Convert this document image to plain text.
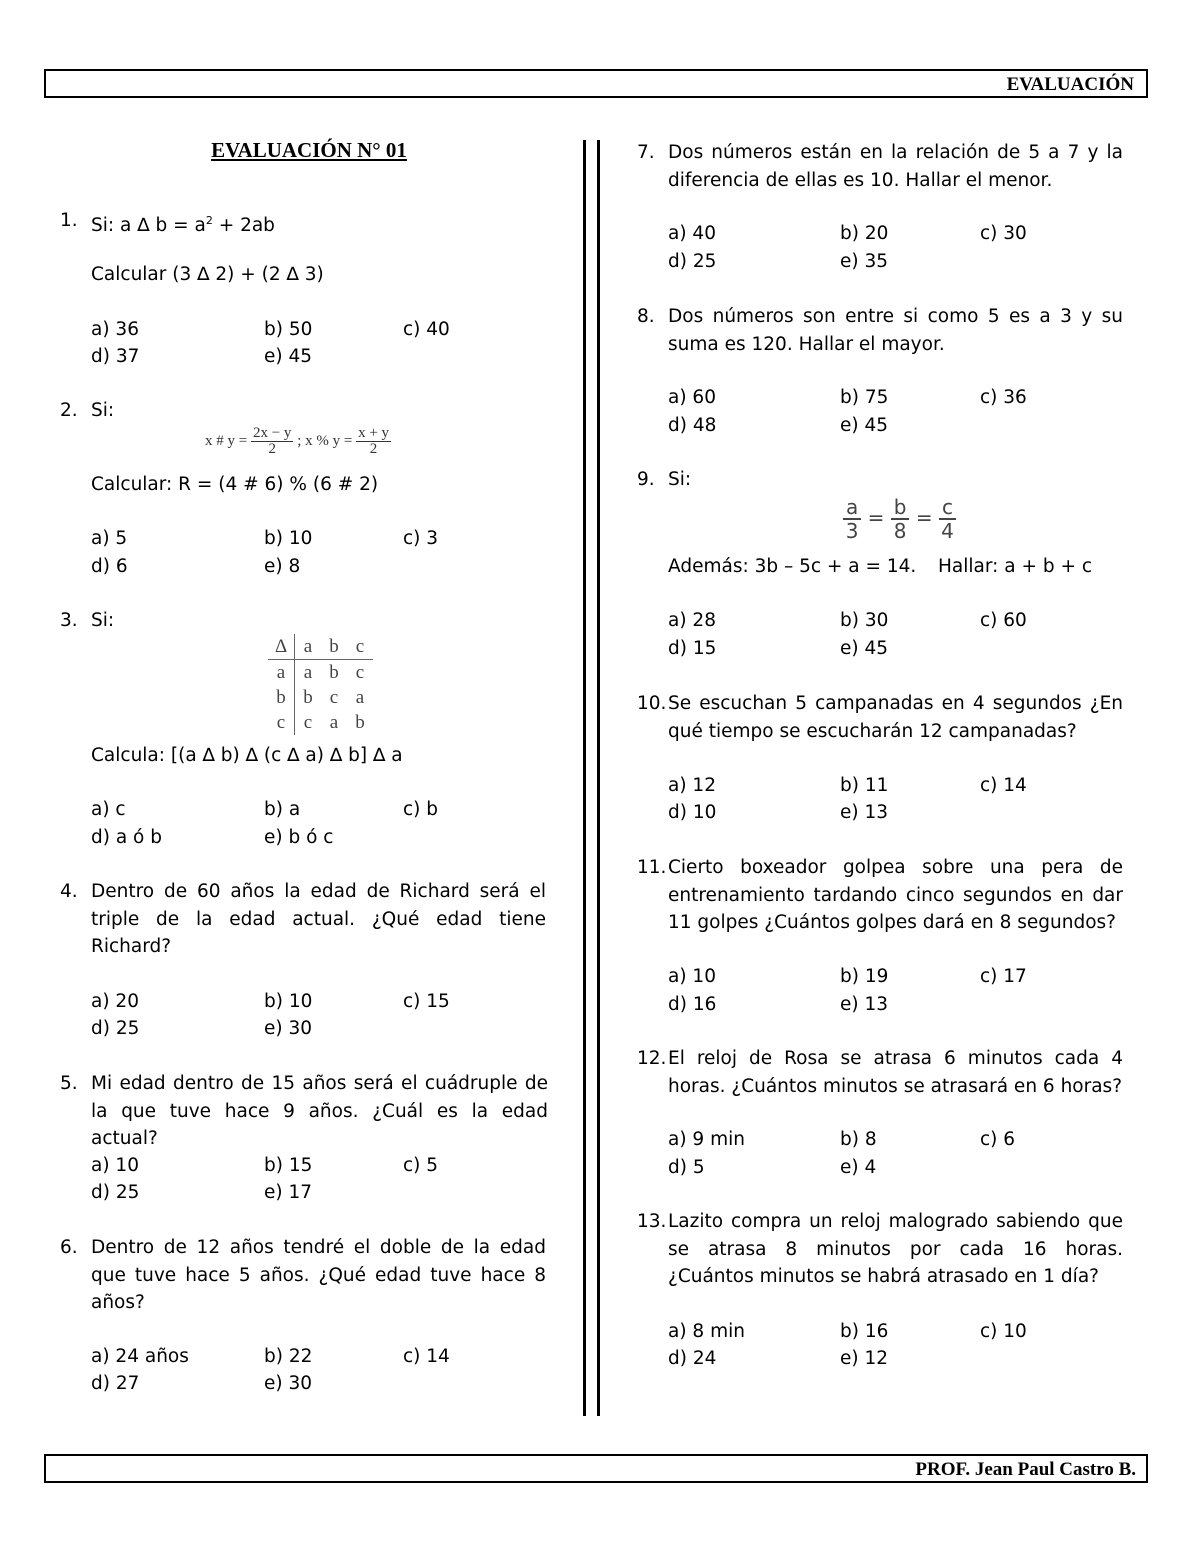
EVALUACIÓN
PROF. Jean Paul Castro B.
EVALUACIÓN N° 01
1. Si: a ∆ $b = a^2 + 2ab$
Calcular (3 ∆ 2) + (2 ∆ 3)
a) 36	b) 50	c) 40
d) 37	e) 45
2. Si:
x # $y = \frac{2x - y}{2}$ ; x % $y = \frac{x + y}{2}$
Calcular: R = (4 # 6) % (6 # 2)
a) 5	b) 10	c) 3
d) 6	e) 8
3. Si:
∆	a	b	c
a	a	b	c
b	b	c	a
c	c	a	b
Calcula: [(a ∆ b) ∆ (c ∆ a) ∆ b] ∆ a
a) c	b) a	c) b
d) a ó b	e) b ó c
4. Dentro de 60 años la edad de Richard será el triple de la edad actual. ¿Qué edad tiene Richard?
a) 20	b) 10	c) 15
d) 25	e) 30
5. Mi edad dentro de 15 años será el cuádruple de la que tuve hace 9 años. ¿Cuál es la edad actual?
a) 10	b) 15	c) 5
d) 25	e) 17
6. Dentro de 12 años tendré el doble de la edad que tuve hace 5 años. ¿Qué edad tuve hace 8 años?
a) 24 años	b) 22	c) 14
d) 27	e) 30
7. Dos números están en la relación de 5 a 7 y la diferencia de ellas es 10. Hallar el menor.
a) 40	b) 20	c) 30
d) 25	e) 35
8. Dos números son entre si como 5 es a 3 y su suma es 120. Hallar el mayor.
a) 60	b) 75	c) 36
d) 48	e) 45
9. Si:
$\frac{a}{3} = \frac{b}{8} = \frac{c}{4}$
Además: 3b – 5c + a = 14. Hallar: a + b + c
a) 28	b) 30	c) 60
d) 15	e) 45
10. Se escuchan 5 campanadas en 4 segundos ¿En qué tiempo se escucharán 12 campanadas?
a) 12	b) 11	c) 14
d) 10	e) 13
11. Cierto boxeador golpea sobre una pera de entrenamiento tardando cinco segundos en dar 11 golpes ¿Cuántos golpes dará en 8 segundos?
a) 10	b) 19	c) 17
d) 16	e) 13
12. El reloj de Rosa se atrasa 6 minutos cada 4 horas. ¿Cuántos minutos se atrasará en 6 horas?
a) 9 min	b) 8	c) 6
d) 5	e) 4
13. Lazito compra un reloj malogrado sabiendo que se atrasa 8 minutos por cada 16 horas. ¿Cuántos minutos se habrá atrasado en 1 día?
a) 8 min	b) 16	c) 10
d) 24	e) 12
